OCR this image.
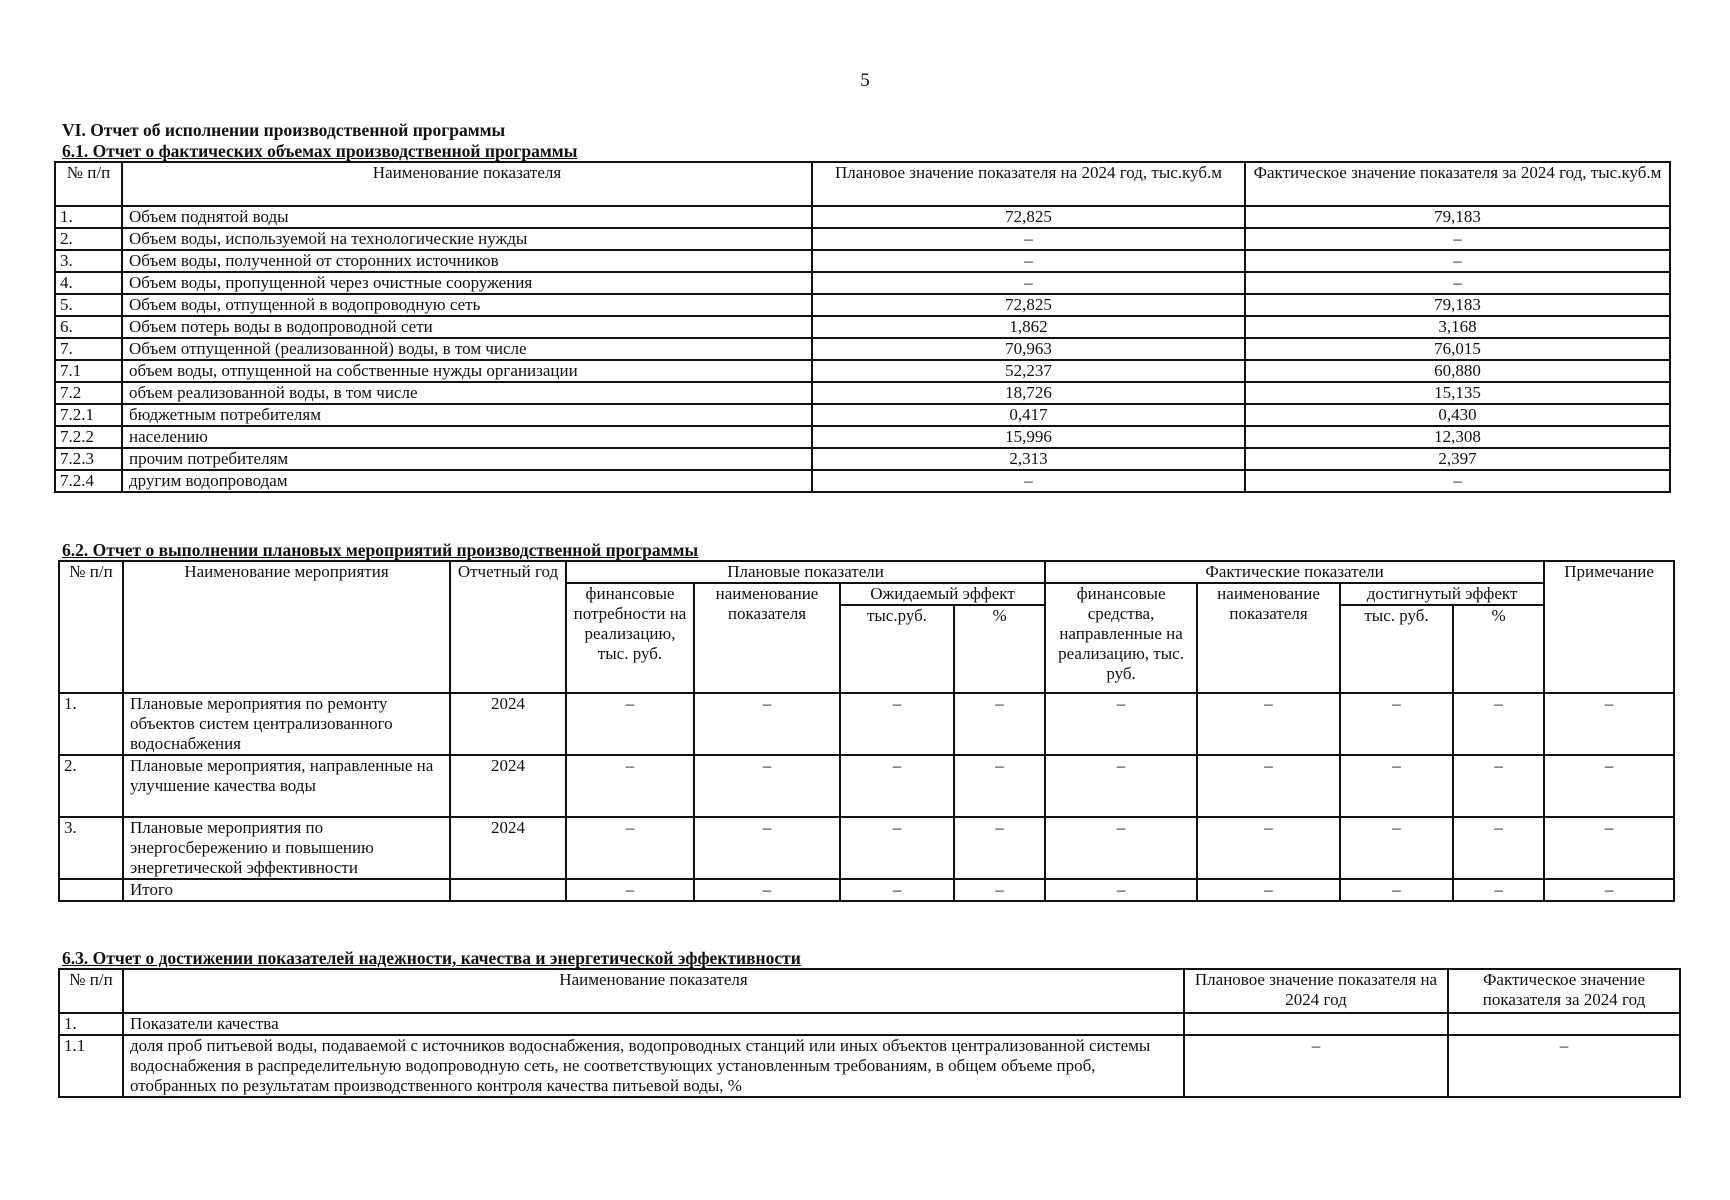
5
VI. Отчет об исполнении производственной программы
6.1. Отчет о фактических объемах производственной программы
№ п/п	Наименование показателя	Плановое значение показателя на 2024 год, тыс.куб.м	Фактическое значение показателя за 2024 год, тыс.куб.м
1.	Объем поднятой воды	72,825	79,183
2.	Объем воды, используемой на технологические нужды	–	–
3.	Объем воды, полученной от сторонних источников	–	–
4.	Объем воды, пропущенной через очистные сооружения	–	–
5.	Объем воды, отпущенной в водопроводную сеть	72,825	79,183
6.	Объем потерь воды в водопроводной сети	1,862	3,168
7.	Объем отпущенной (реализованной) воды, в том числе	70,963	76,015
7.1	объем воды, отпущенной на собственные нужды организации	52,237	60,880
7.2	объем реализованной воды, в том числе	18,726	15,135
7.2.1	бюджетным потребителям	0,417	0,430
7.2.2	населению	15,996	12,308
7.2.3	прочим потребителям	2,313	2,397
7.2.4	другим водопроводам	–	–
6.2. Отчет о выполнении плановых мероприятий производственной программы
№ п/п	Наименование мероприятия	Отчетный год	Плановые показатели				Фактические показатели				Примечание
			финансовые потребности на реализацию, тыс. руб.	наименование показателя	Ожидаемый эффект		финансовые средства, направленные на реализацию, тыс. руб.	наименование показателя	достигнутый эффект		
					тыс.руб.	%			тыс. руб.	%	
1.	Плановые мероприятия по ремонту объектов систем централизованного водоснабжения	2024	–	–	–	–	–	–	–	–	–
2.	Плановые мероприятия, направленные на улучшение качества воды	2024	–	–	–	–	–	–	–	–	–
3.	Плановые мероприятия по энергосбережению и повышению энергетической эффективности	2024	–	–	–	–	–	–	–	–	–
	Итого		–	–	–	–	–	–	–	–	–
6.3. Отчет о достижении показателей надежности, качества и энергетической эффективности
№ п/п	Наименование показателя	Плановое значение показателя на 2024 год	Фактическое значение показателя за 2024 год
1.	Показатели качества		
1.1	доля проб питьевой воды, подаваемой с источников водоснабжения, водопроводных станций или иных объектов централизованной системы водоснабжения в распределительную водопроводную сеть, не соответствующих установленным требованиям, в общем объеме проб, отобранных по результатам производственного контроля качества питьевой воды, %	–	–
